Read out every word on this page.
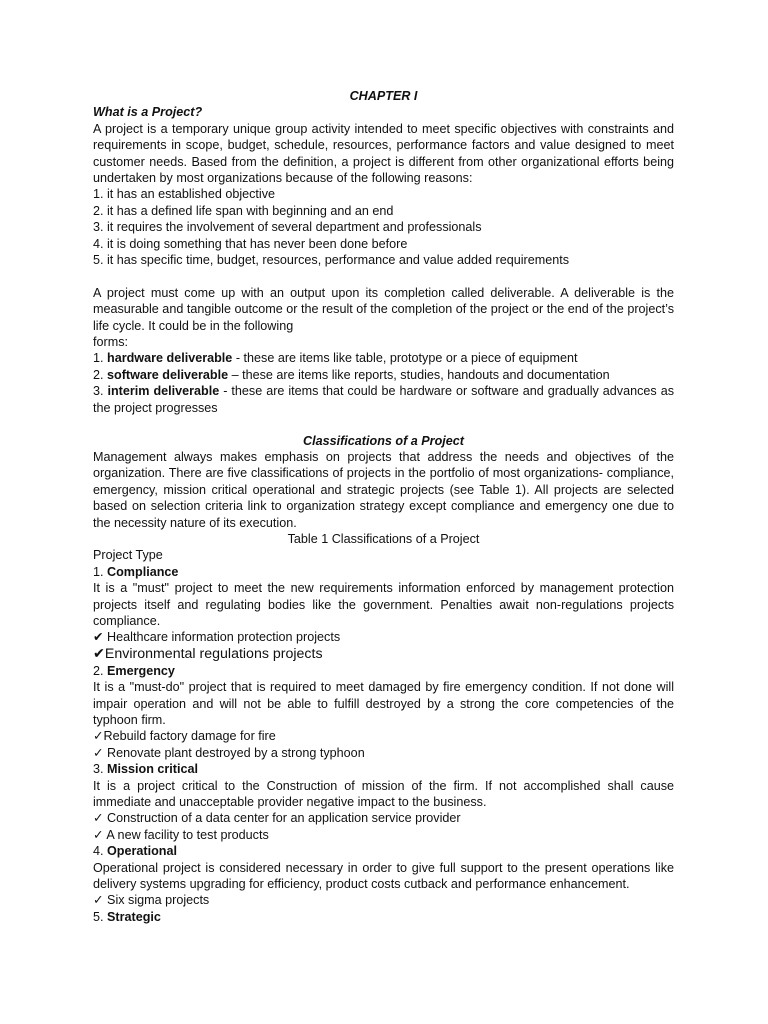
CHAPTER I

What is a Project?

A project is a temporary unique group activity intended to meet specific objectives with constraints and requirements in scope, budget, schedule, resources, performance factors and value designed to meet customer needs. Based from the definition, a project is different from other organizational efforts being undertaken by most organizations because of the following reasons:

1. it has an established objective

2. it has a defined life span with beginning and an end

3. it requires the involvement of several department and professionals

4. it is doing something that has never been done before

5. it has specific time, budget, resources, performance and value added requirements

A project must come up with an output upon its completion called deliverable. A deliverable is the measurable and tangible outcome or the result of the completion of the project or the end of the project’s life cycle. It could be in the following

forms:

1. hardware deliverable - these are items like table, prototype or a piece of equipment

2. software deliverable – these are items like reports, studies, handouts and documentation

3. interim deliverable - these are items that could be hardware or software and gradually advances as the project progresses

Classifications of a Project

Management always makes emphasis on projects that address the needs and objectives of the organization. There are five classifications of projects in the portfolio of most organizations- compliance, emergency, mission critical operational and strategic projects (see Table 1). All projects are selected based on selection criteria link to organization strategy except compliance and emergency one due to the necessity nature of its execution.

Table 1 Classifications of a Project

Project Type

1. Compliance

It is a "must" project to meet the new requirements information enforced by management protection projects itself and regulating bodies like the government. Penalties await non-regulations projects compliance.

✔ Healthcare information protection projects

✔Environmental regulations projects

2. Emergency

It is a "must-do" project that is required to meet damaged by fire emergency condition. If not done will impair operation and will not be able to fulfill destroyed by a strong the core competencies of the typhoon firm.

✓Rebuild factory damage for fire

✓ Renovate plant destroyed by a strong typhoon

3. Mission critical

It is a project critical to the Construction of mission of the firm. If not accomplished shall cause immediate and unacceptable provider negative impact to the business.

✓ Construction of a data center for an application service provider

✓ A new facility to test products

4. Operational

Operational project is considered necessary in order to give full support to the present operations like delivery systems upgrading for efficiency, product costs cutback and performance enhancement.

✓ Six sigma projects

5. Strategic
